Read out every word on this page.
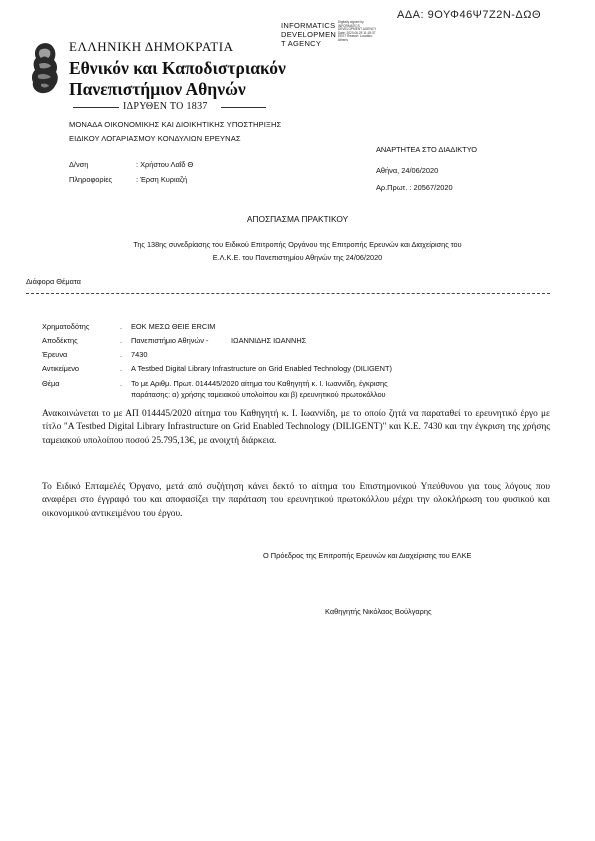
ΑΔΑ: 9ΟΥΦ46Ψ7Ζ2Ν-ΔΩΘ
INFORMATICS
DEVELOPMEN
T AGENCY
Digitally signed by INFORMATICS DEVELOPMENT AGENCY Date: 2020.06.25 11:18:37 EEST Reason: Location: Athens
ΕΛΛΗΝΙΚΗ ΔΗΜΟΚΡΑΤΙΑ
Εθνικόν και Καποδιστριακόν
Πανεπιστήμιον Αθηνών
ΙΔΡΥΘΕΝ ΤΟ 1837
ΜΟΝΑΔΑ ΟΙΚΟΝΟΜΙΚΗΣ ΚΑΙ ΔΙΟΙΚΗΤΙΚΗΣ ΥΠΟΣΤΗΡΙΞΗΣ
ΕΙΔΙΚΟΥ ΛΟΓΑΡΙΑΣΜΟΥ ΚΟΝΔΥΛΙΩΝ ΕΡΕΥΝΑΣ
ΑΝΑΡΤΗΤΕΑ ΣΤΟ ΔΙΑΔΙΚΤΥΟ
Αθήνα, 24/06/2020
Αρ.Πρωτ. : 20567/2020
Δ/νση	: Χρήστου Λαΐδ Θ
Πληροφορίες	: Έρση Κυριαζή
ΑΠΟΣΠΑΣΜΑ ΠΡΑΚΤΙΚΟΥ
Της 138ης συνεδρίασης του Ειδικού Επιτροπής Οργάνου της Επιτροπής Ερευνών και Διαχείρισης του
Ε.Λ.Κ.Ε. του Πανεπιστημίου Αθηνών της 24/06/2020
Διάφορα Θέματα
Χρηματοδότης	. ΕΟΚ ΜΕΣΩ ΘΕΙΕ ERCIM
Αποδέκτης	. Πανεπιστήμιο Αθηνών -	ΙΩΑΝΝΙΔΗΣ ΙΩΑΝΝΗΣ
Έρευνα	. 7430
Αντικείμενο	. A Testbed Digital Library Infrastructure on Grid Enabled Technology (DILIGENT)
Θέμα	. Το με Αριθμ. Πρωτ. 014445/2020 αίτημα του Καθηγητή κ. Ι. Ιωαννίδη, έγκρισης
παράτασης: α) χρήσης ταμειακού υπολοίπου και β) ερευνητικού πρωτοκόλλου
Ανακοινώνεται το με ΑΠ 014445/2020 αίτημα του Καθηγητή κ. Ι. Ιωαννίδη, με το οποίο ζητά να παραταθεί το ερευνητικό έργο με τίτλο "A Testbed Digital Library Infrastructure on Grid Enabled Technology (DILIGENT)" και Κ.Ε. 7430 και την έγκριση της χρήσης ταμειακού υπολοίπου ποσού 25.795,13€, με ανοιχτή διάρκεια.
Το Ειδικό Επταμελές Όργανο, μετά από συζήτηση κάνει δεκτό το αίτημα του Επιστημονικού Υπεύθυνου για τους λόγους που αναφέρει στο έγγραφό του και αποφασίζει την παράταση του ερευνητικού πρωτοκόλλου μέχρι την ολοκλήρωση του φυσικού και οικονομικού αντικειμένου του έργου.
Ο Πρόεδρος της Επιτροπής Ερευνών και Διαχείρισης του ΕΛΚΕ
Καθηγητής Νικόλαος Βούλγαρης
